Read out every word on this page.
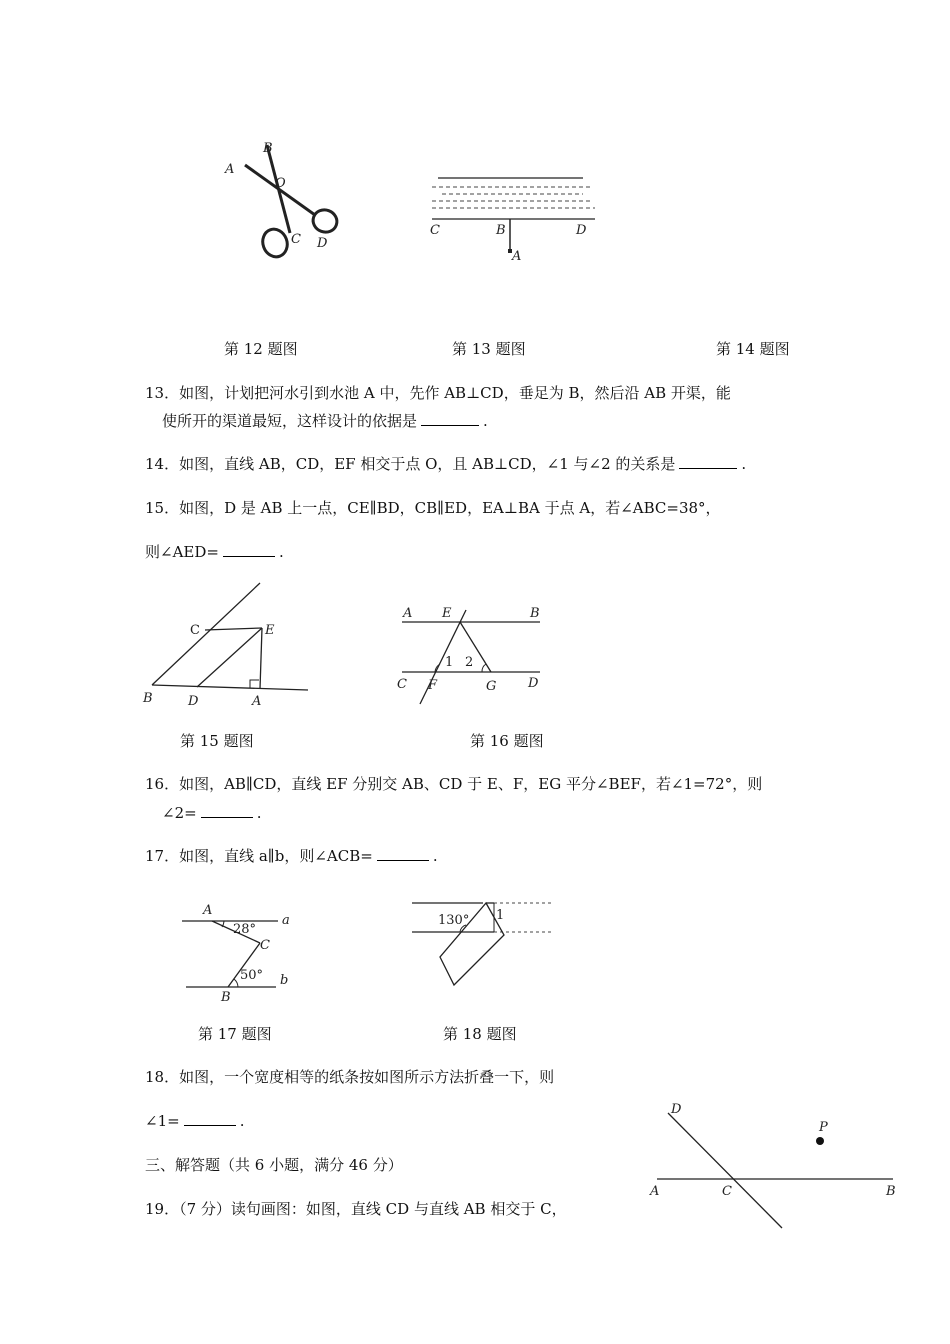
A
B
O
C D
C	B	D
A
第 12 题图	第 13 题图	第 14 题图
13．如图，计划把河水引到水池 A 中，先作 AB⊥CD，垂足为 B，然后沿 AB 开渠，能
使所开的渠道最短，这样设计的依据是	.
14．如图，直线 AB，CD，EF 相交于点 O，且 AB⊥CD，∠1 与∠2 的关系是	.
15．如图，D 是 AB 上一点，CE∥BD，CB∥ED，EA⊥BA 于点 A，若∠ABC=38°，
则∠AED=	.
C	E
B	D	A
A E	B
C F	G D
1 2
第 15 题图	第 16 题图
16．如图，AB∥CD，直线 EF 分别交 AB、CD 于 E、F，EG 平分∠BEF，若∠1=72°，则
∠2=	.
17．如图，直线 a∥b，则∠ACB=	.
A
a
28°
C
50° b
B
130° 1
第 17 题图	第 18 题图
18．如图，一个宽度相等的纸条按如图所示方法折叠一下，则
∠1=	.
三、解答题（共 6 小题，满分 46 分）
19．（7 分）读句画图：如图，直线 CD 与直线 AB 相交于 C，
D
P
A	C	B
